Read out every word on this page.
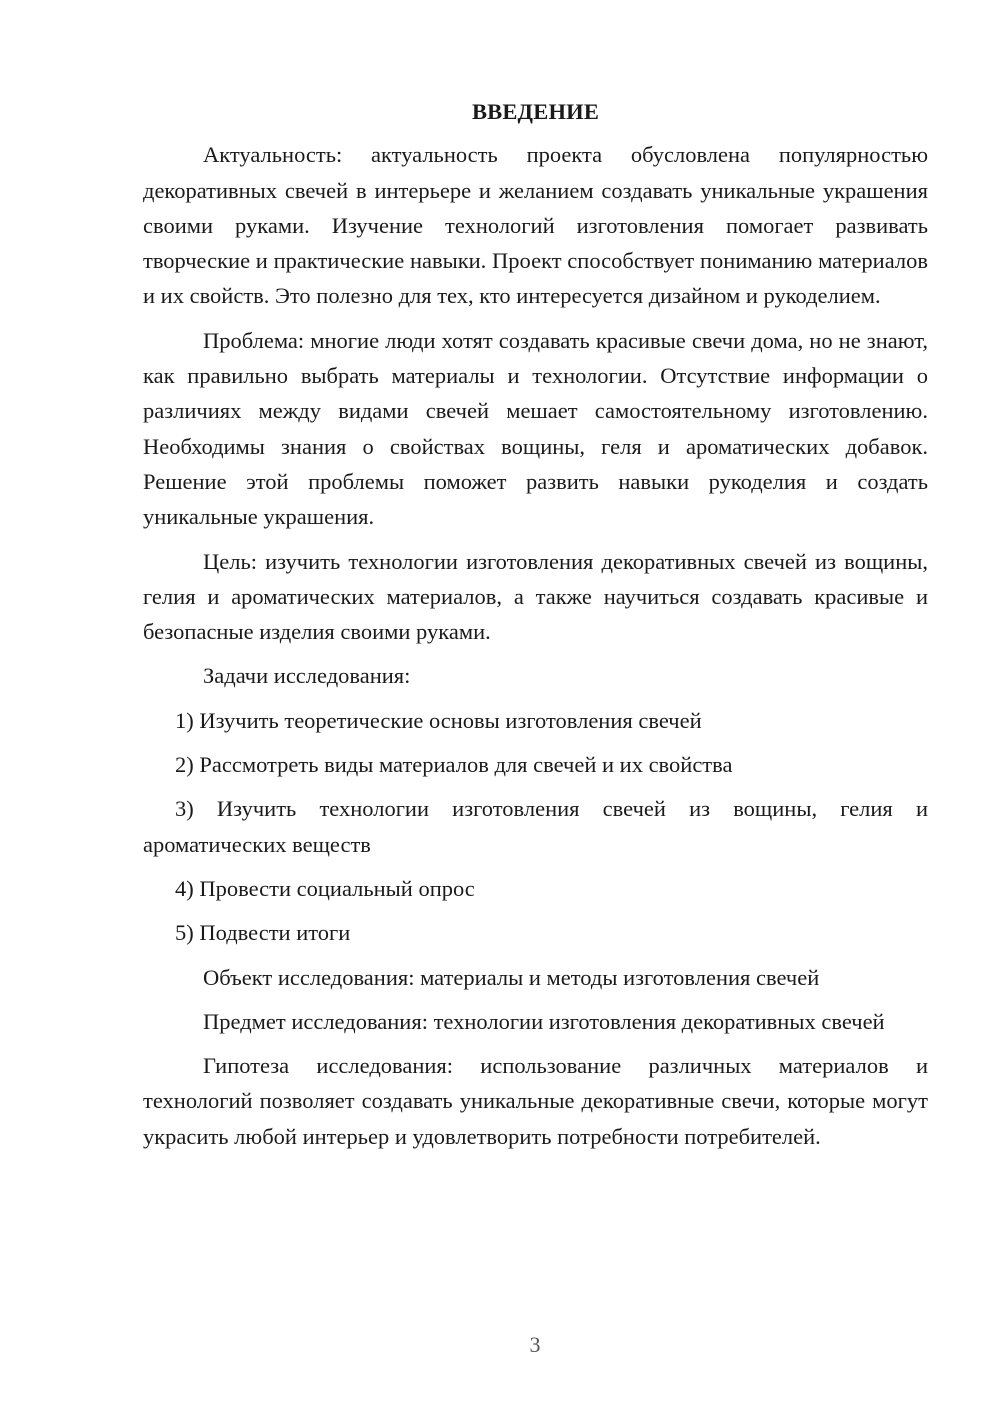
ВВЕДЕНИЕ

Актуальность: актуальность проекта обусловлена популярностью декоративных свечей в интерьере и желанием создавать уникальные украшения своими руками. Изучение технологий изготовления помогает развивать творческие и практические навыки. Проект способствует пониманию материалов и их свойств. Это полезно для тех, кто интересуется дизайном и рукоделием.

Проблема: многие люди хотят создавать красивые свечи дома, но не знают, как правильно выбрать материалы и технологии. Отсутствие информации о различиях между видами свечей мешает самостоятельному изготовлению. Необходимы знания о свойствах вощины, геля и ароматических добавок. Решение этой проблемы поможет развить навыки рукоделия и создать уникальные украшения.

Цель: изучить технологии изготовления декоративных свечей из вощины, гелия и ароматических материалов, а также научиться создавать красивые и безопасные изделия своими руками.

Задачи исследования:

1) Изучить теоретические основы изготовления свечей

2) Рассмотреть виды материалов для свечей и их свойства

3) Изучить технологии изготовления свечей из вощины, гелия и ароматических веществ

4) Провести социальный опрос

5) Подвести итоги

Объект исследования: материалы и методы изготовления свечей

Предмет исследования: технологии изготовления декоративных свечей

Гипотеза исследования: использование различных материалов и технологий позволяет создавать уникальные декоративные свечи, которые могут украсить любой интерьер и удовлетворить потребности потребителей.

3
